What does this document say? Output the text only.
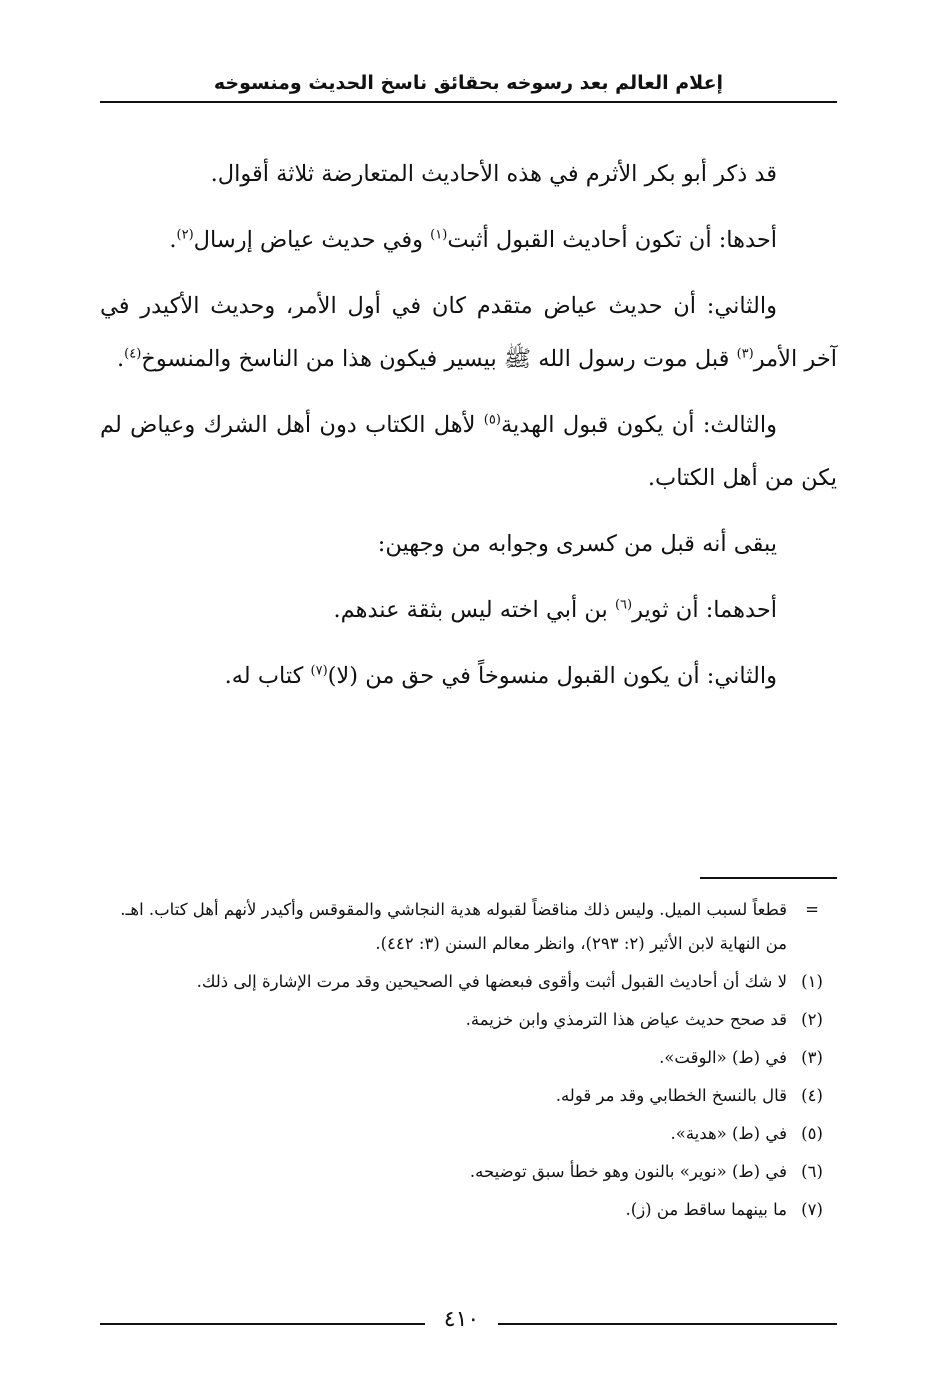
إعلام العالم بعد رسوخه بحقائق ناسخ الحديث ومنسوخه

قد ذكر أبو بكر الأثرم في هذه الأحاديث المتعارضة ثلاثة أقوال.

أحدها: أن تكون أحاديث القبول أثبت$^{(١)}$ وفي حديث عياض إرسال$^{(٢)}$.

والثاني: أن حديث عياض متقدم كان في أول الأمر، وحديث الأكيدر في آخر الأمر$^{(٣)}$ قبل موت رسول الله ﷺ بيسير فيكون هذا من الناسخ والمنسوخ$^{(٤)}$.

والثالث: أن يكون قبول الهدية$^{(٥)}$ لأهل الكتاب دون أهل الشرك وعياض لم يكن من أهل الكتاب.

يبقى أنه قبل من كسرى وجوابه من وجهين:

أحدهما: أن ثوير$^{(٦)}$ بن أبي اخته ليس بثقة عندهم.

والثاني: أن يكون القبول منسوخاً في حق من (لا)$^{(٧)}$ كتاب له.

=
قطعاً لسبب الميل. وليس ذلك مناقضاً لقبوله هدية النجاشي والمقوقس وأكيدر لأنهم أهل كتاب. اهـ.
من النهاية لابن الأثير (٢: ٢٩٣)، وانظر معالم السنن (٣: ٤٤٢).
(١)
لا شك أن أحاديث القبول أثبت وأقوى فبعضها في الصحيحين وقد مرت الإشارة إلى ذلك.
(٢)
قد صحح حديث عياض هذا الترمذي وابن خزيمة.
(٣)
في (ط) «الوقت».
(٤)
قال بالنسخ الخطابي وقد مر قوله.
(٥)
في (ط) «هدية».
(٦)
في (ط) «نوير» بالنون وهو خطأ سبق توضيحه.
(٧)
ما بينهما ساقط من (ز).
٤١٠
